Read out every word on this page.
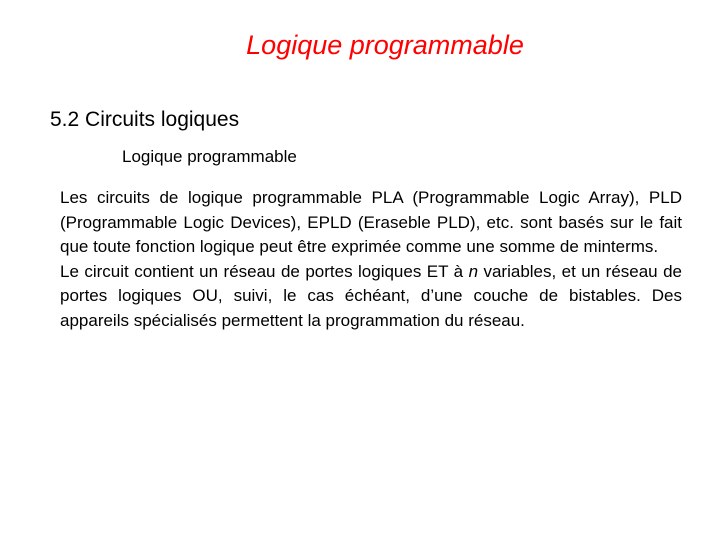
Logique programmable
5.2 Circuits logiques
Logique programmable

Les circuits de logique programmable PLA (Programmable Logic Array), PLD (Programmable Logic Devices), EPLD (Eraseble PLD), etc. sont basés sur le fait que toute fonction logique peut être exprimée comme une somme de minterms.

Le circuit contient un réseau de portes logiques ET à n variables, et un réseau de portes logiques OU, suivi, le cas échéant, d’une couche de bistables. Des appareils spécialisés permettent la programmation du réseau.
